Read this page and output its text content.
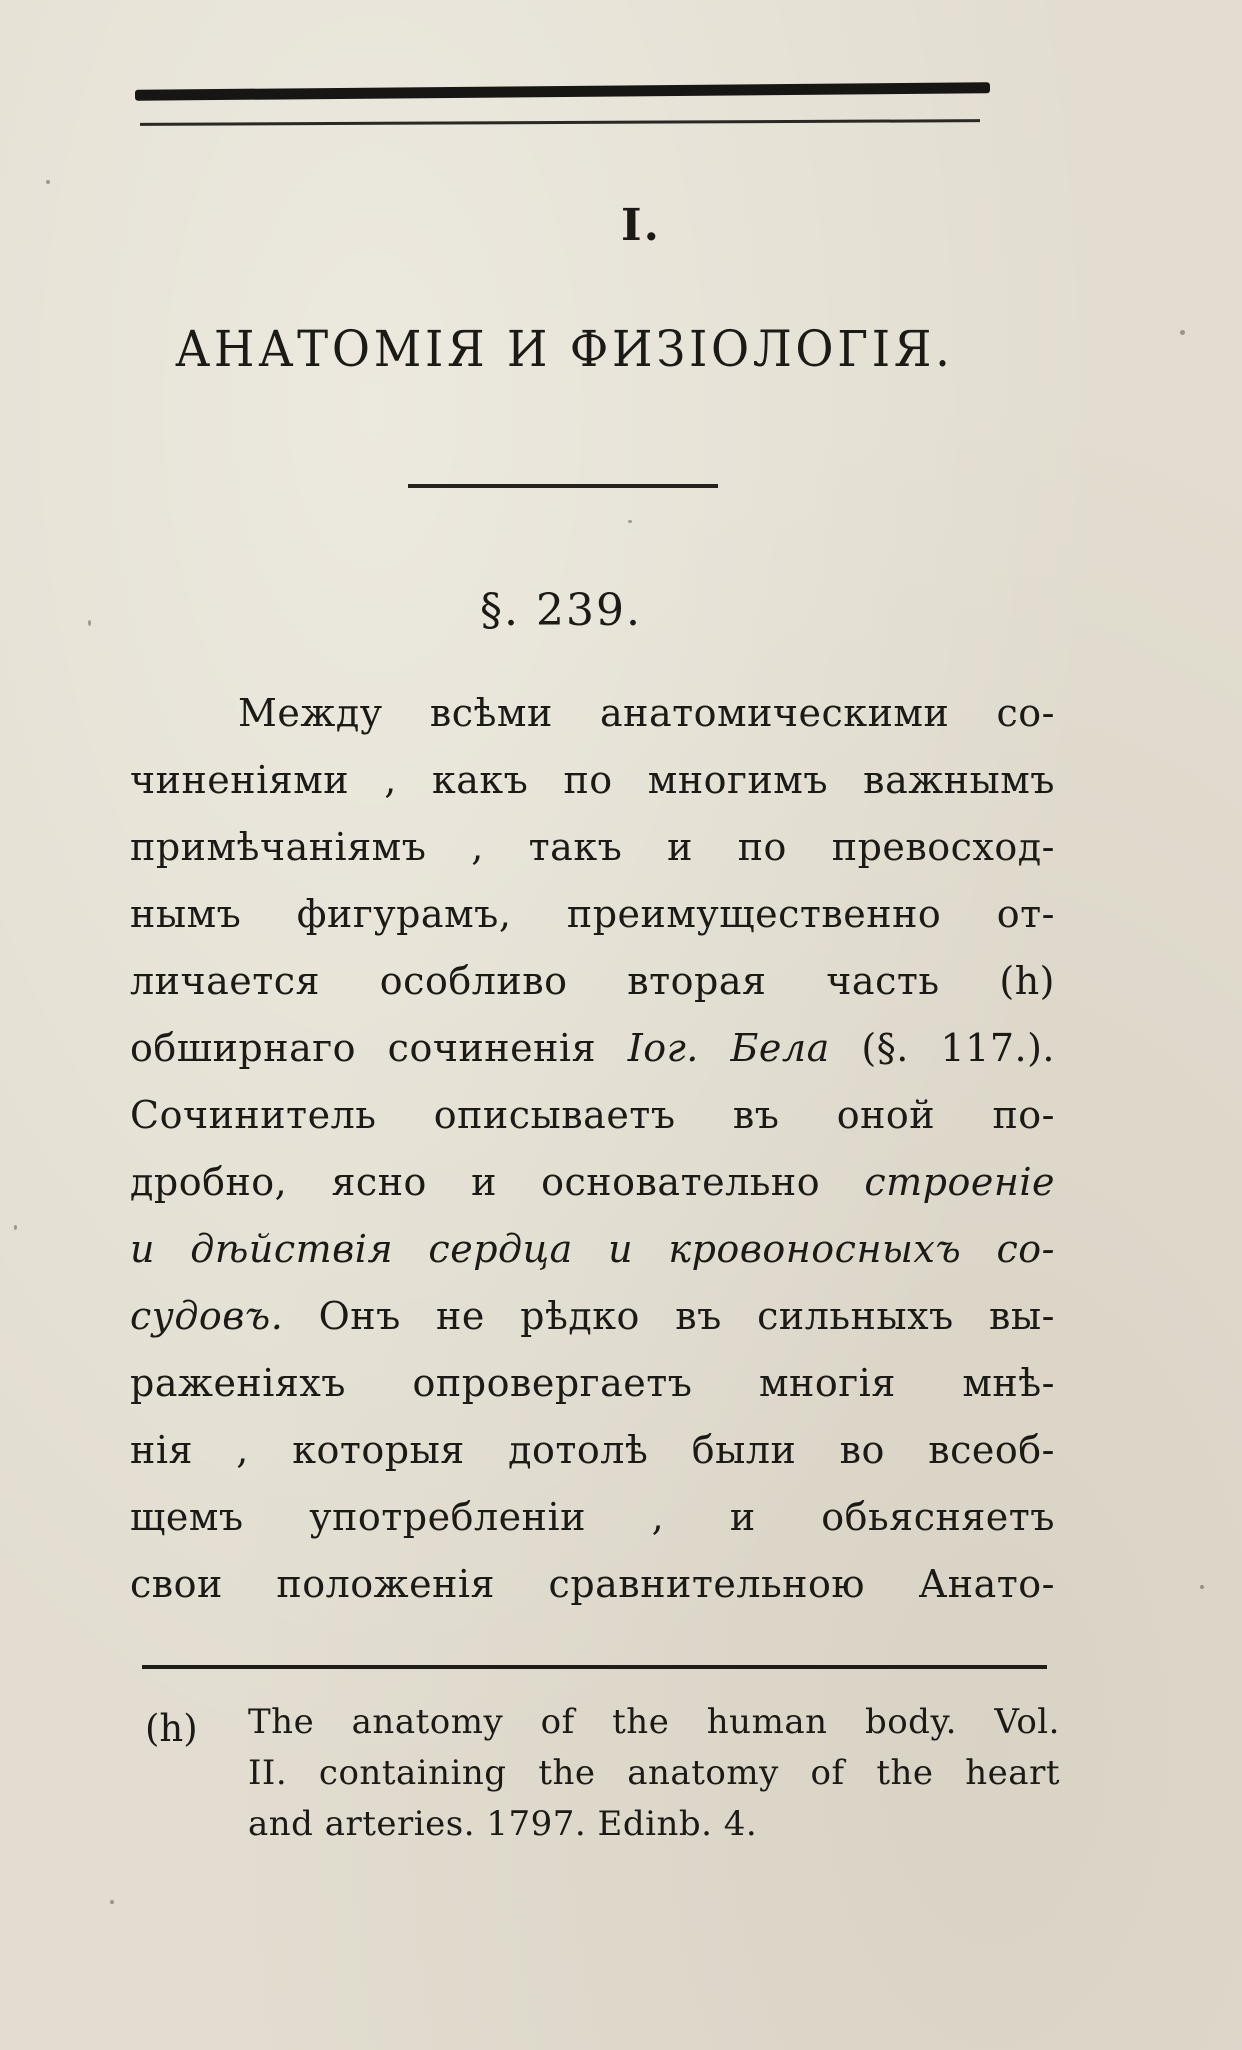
I.
АНАТОМІЯ И ФИЗІОЛОГІЯ.
§. 239.
Между всѣми анатомическими со-
чиненіями , какъ по многимъ важнымъ
примѣчаніямъ , такъ и по превосход-
нымъ фигурамъ, преимущественно от-
личается особливо вторая часть (h)
обширнаго сочиненія Іог. Бела (§. 117.).
Сочинитель описываетъ въ оной по-
дробно, ясно и основательно строеніе
и дѣйствія сердца и кровоносныхъ со-
судовъ. Онъ не рѣдко въ сильныхъ вы-
раженіяхъ опровергаетъ многія мнѣ-
нія , которыя дотолѣ были во всеоб-
щемъ употребленіи , и обьясняетъ
свои положенія сравнительною Анато-
(h) The anatomy of the human body. Vol.
II. containing the anatomy of the heart
and arteries. 1797. Edinb. 4.
